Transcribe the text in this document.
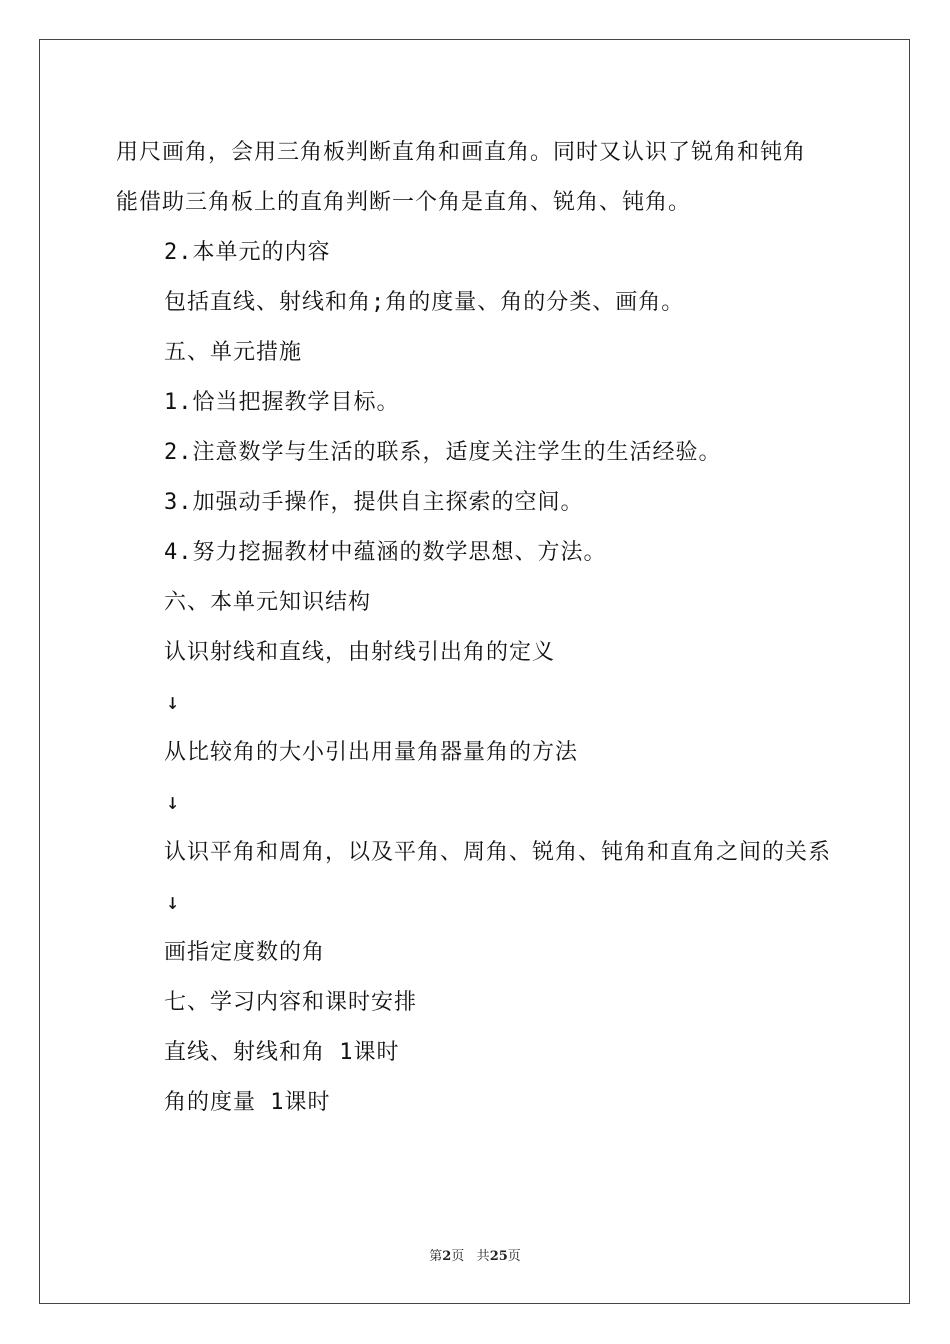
用尺画角，会用三角板判断直角和画直角。同时又认识了锐角和钝角
能借助三角板上的直角判断一个角是直角、锐角、钝角。
2.本单元的内容
包括直线、射线和角;角的度量、角的分类、画角。
五、单元措施
1.恰当把握教学目标。
2.注意数学与生活的联系，适度关注学生的生活经验。
3.加强动手操作，提供自主探索的空间。
4.努力挖掘教材中蕴涵的数学思想、方法。
六、本单元知识结构
认识射线和直线，由射线引出角的定义
↓
从比较角的大小引出用量角器量角的方法
↓
认识平角和周角，以及平角、周角、锐角、钝角和直角之间的关系
↓
画指定度数的角
七、学习内容和课时安排
直线、射线和角 1课时
角的度量 1课时
第2页 共25页
